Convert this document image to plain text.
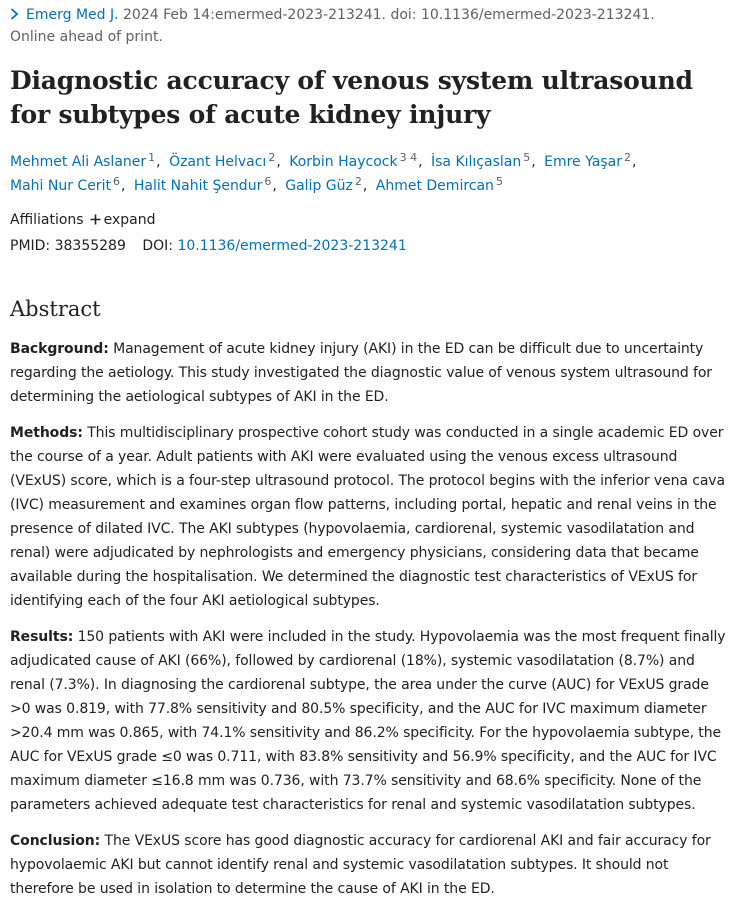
Emerg Med J. 2024 Feb 14:emermed-2023-213241. doi: 10.1136/emermed-2023-213241.
Online ahead of print.
Diagnostic accuracy of venous system ultrasound for subtypes of acute kidney injury
Mehmet Ali Aslaner $^1$, Özant Helvacı $^2$, Korbin Haycock $^{3 4}$, İsa Kılıçaslan $^5$, Emre Yaşar $^2$,
Mahi Nur Cerit $^6$, Halit Nahit Şendur $^6$, Galip Güz $^2$, Ahmet Demircan $^5$
Affiliations expand
PMID: 38355289 DOI: 10.1136/emermed-2023-213241
Abstract

Background: Management of acute kidney injury (AKI) in the ED can be difficult due to uncertainty regarding the aetiology. This study investigated the diagnostic value of venous system ultrasound for determining the aetiological subtypes of AKI in the ED.

Methods: This multidisciplinary prospective cohort study was conducted in a single academic ED over the course of a year. Adult patients with AKI were evaluated using the venous excess ultrasound (VExUS) score, which is a four-step ultrasound protocol. The protocol begins with the inferior vena cava (IVC) measurement and examines organ flow patterns, including portal, hepatic and renal veins in the presence of dilated IVC. The AKI subtypes (hypovolaemia, cardiorenal, systemic vasodilatation and renal) were adjudicated by nephrologists and emergency physicians, considering data that became available during the hospitalisation. We determined the diagnostic test characteristics of VExUS for identifying each of the four AKI aetiological subtypes.

Results: 150 patients with AKI were included in the study. Hypovolaemia was the most frequent finally adjudicated cause of AKI (66%), followed by cardiorenal (18%), systemic vasodilatation (8.7%) and renal (7.3%). In diagnosing the cardiorenal subtype, the area under the curve (AUC) for VExUS grade >0 was 0.819, with 77.8% sensitivity and 80.5% specificity, and the AUC for IVC maximum diameter >20.4 mm was 0.865, with 74.1% sensitivity and 86.2% specificity. For the hypovolaemia subtype, the AUC for VExUS grade ≤0 was 0.711, with 83.8% sensitivity and 56.9% specificity, and the AUC for IVC maximum diameter ≤16.8 mm was 0.736, with 73.7% sensitivity and 68.6% specificity. None of the parameters achieved adequate test characteristics for renal and systemic vasodilatation subtypes.

Conclusion: The VExUS score has good diagnostic accuracy for cardiorenal AKI and fair accuracy for hypovolaemic AKI but cannot identify renal and systemic vasodilatation subtypes. It should not therefore be used in isolation to determine the cause of AKI in the ED.
